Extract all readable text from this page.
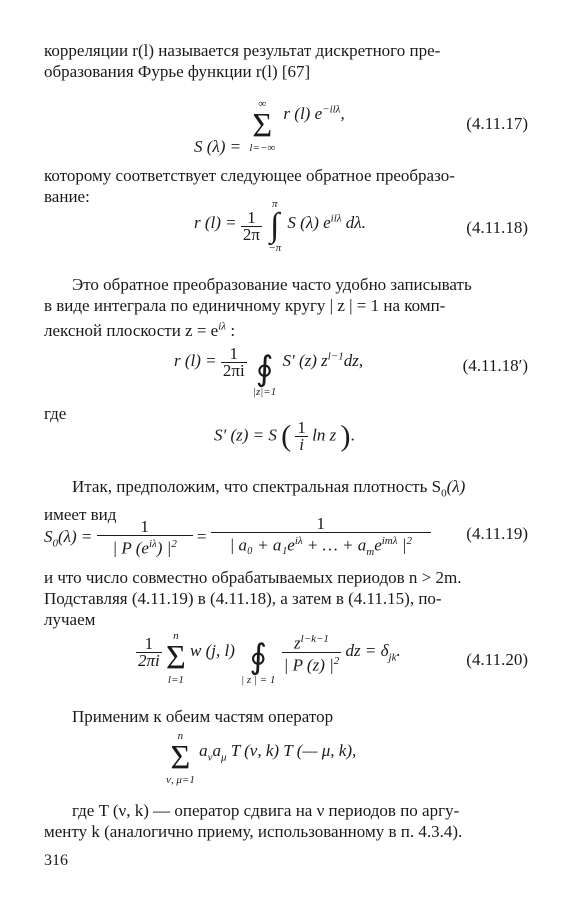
корреляции r(l) называется результат дискретного пре-
образования Фурье функции r(l) [67]

S (λ) =
∞
Σ
l=−∞
r (l) $e^{-il\lambda}$,
(4.11.17)

которому соответствует следующее обратное преобразо-
вание:

r $(l) = \frac{1}{2\pi}$

π
∫
−π
S (λ) $e^{il\lambda}$ dλ.	(4.11.18)

Это обратное преобразование часто удобно записывать
в виде интеграла по единичному кругу | z | = 1 на комп-
лексной плоскости $z = e^{i\lambda}$ :

r $(l) = \frac{1}{2\pi i}$

∮
|z|=1
S′ (z) $z^{l-1}dz$,	(4.11.18′)
где
S′ (z) = S ( $\frac{1}{i}$ ln z ).

Итак, предположим, что спектральная плотность $S_0(\lambda)$
имеет вид

$S_0(\lambda) = \frac{1}{| P (e^{i\lambda}) |^2} = \frac{1}{| a_0 + a_1e^{i\lambda} + \dots + a_me^{im\lambda} |^2} (4.11.19)$

и что число совместно обрабатываемых периодов n > 2m.
Подставляя (4.11.19) в (4.11.18), а затем в (4.11.15), по-
лучаем

$\frac{1}{2\pi i}$
	n
Σ
l=1
w (j, l)
∮
| z | = 1

$\frac{z^{l-k-1}}{| P (z) |^2}$ dz = $\delta_{jk}$.	(4.11.20)

Применим к обеим частям оператор

n
Σ
ν, μ=1
$a_\nu a_\mu$ T (ν, k) T (— μ, k),

где T (ν, k) — оператор сдвига на ν периодов по аргу-
менту k (аналогично приему, использованному в п. 4.3.4).

316
